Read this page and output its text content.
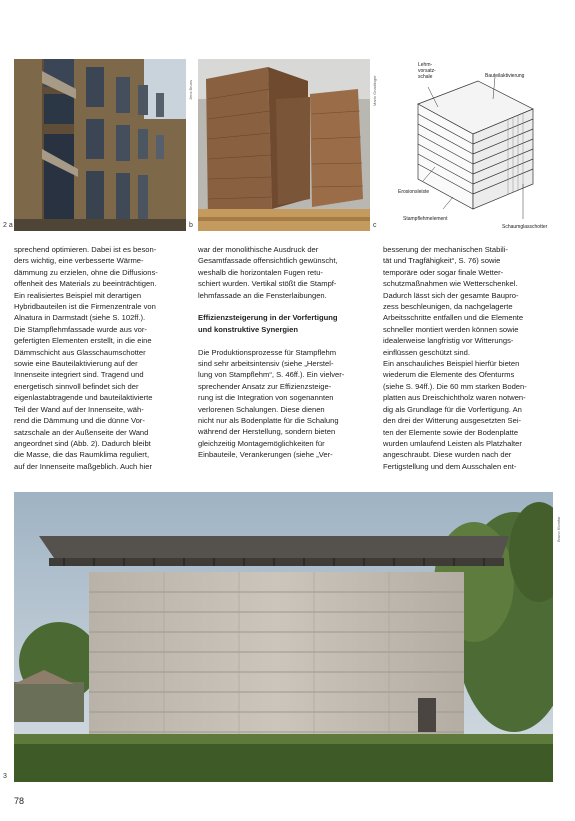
2 a
Jens Bruns
b
Mario Gnadlinger
Lehm-
vorsatz-
schale	Bauteilaktivierung
Erosionsleiste
Stampflehmelement
Schaumglasschotter
c

sprechend optimieren. Dabei ist es beson-

ders wichtig, eine verbesserte Wärme-

dämmung zu erzielen, ohne die Diffusions-

offenheit des Materials zu beeinträchtigen.

Ein realisiertes Beispiel mit derartigen

Hybridbauteilen ist die Firmenzentrale von

Alnatura in Darmstadt (siehe S. 102ff.).

Die Stampflehmfassade wurde aus vor-

gefertigten Elementen erstellt, in die eine

Dämmschicht aus Glasschaumschotter

sowie eine Bauteilaktivierung auf der

Innenseite integriert sind. Tragend und

energetisch sinnvoll befindet sich der

eigenlastabtragende und bauteilaktivierte

Teil der Wand auf der Innenseite, wäh-

rend die Dämmung und die dünne Vor-

satzschale an der Außenseite der Wand

angeordnet sind (Abb. 2). Dadurch bleibt

die Masse, die das Raumklima reguliert,

auf der Innenseite maßgeblich. Auch hier

war der monolithische Ausdruck der

Gesamtfassade offensichtlich gewünscht,

weshalb die horizontalen Fugen retu-

schiert wurden. Vertikal stößt die Stampf-

lehmfassade an die Fensterlaibungen.

Effizienzsteigerung in der Vorfertigung

und konstruktive Synergien

Die Produktionsprozesse für Stampflehm

sind sehr arbeitsintensiv (siehe „Herstel-

lung von Stampflehm“, S. 46ff.). Ein vielver-

sprechender Ansatz zur Effizienzsteige-

rung ist die Integration von sogenannten

verlorenen Schalungen. Diese dienen

nicht nur als Bodenplatte für die Schalung

während der Herstellung, sondern bieten

gleichzeitig Montagemöglichkeiten für

Einbauteile, Verankerungen (siehe „Ver-

besserung der mechanischen Stabili-

tät und Tragfähigkeit“, S. 76) sowie

temporäre oder sogar finale Wetter-

schutzmaßnahmen wie Wetterschenkel.

Dadurch lässt sich der gesamte Baupro-

zess beschleunigen, da nachgelagerte

Arbeitsschritte entfallen und die Elemente

schneller montiert werden können sowie

idealerweise langfristig vor Witterungs-

einflüssen geschützt sind.

Ein anschauliches Beispiel hierfür bieten

wiederum die Elemente des Ofenturms

(siehe S. 94ff.). Die 60 mm starken Boden-

platten aus Dreischichtholz waren notwen-

dig als Grundlage für die Vorfertigung. An

den drei der Witterung ausgesetzten Sei-

ten der Elemente sowie der Bodenplatte

wurden umlaufend Leisten als Platzhalter

angeschraubt. Diese wurden nach der

Fertigstellung und dem Ausschalen ent-

3
Bruno Klomfar
78
